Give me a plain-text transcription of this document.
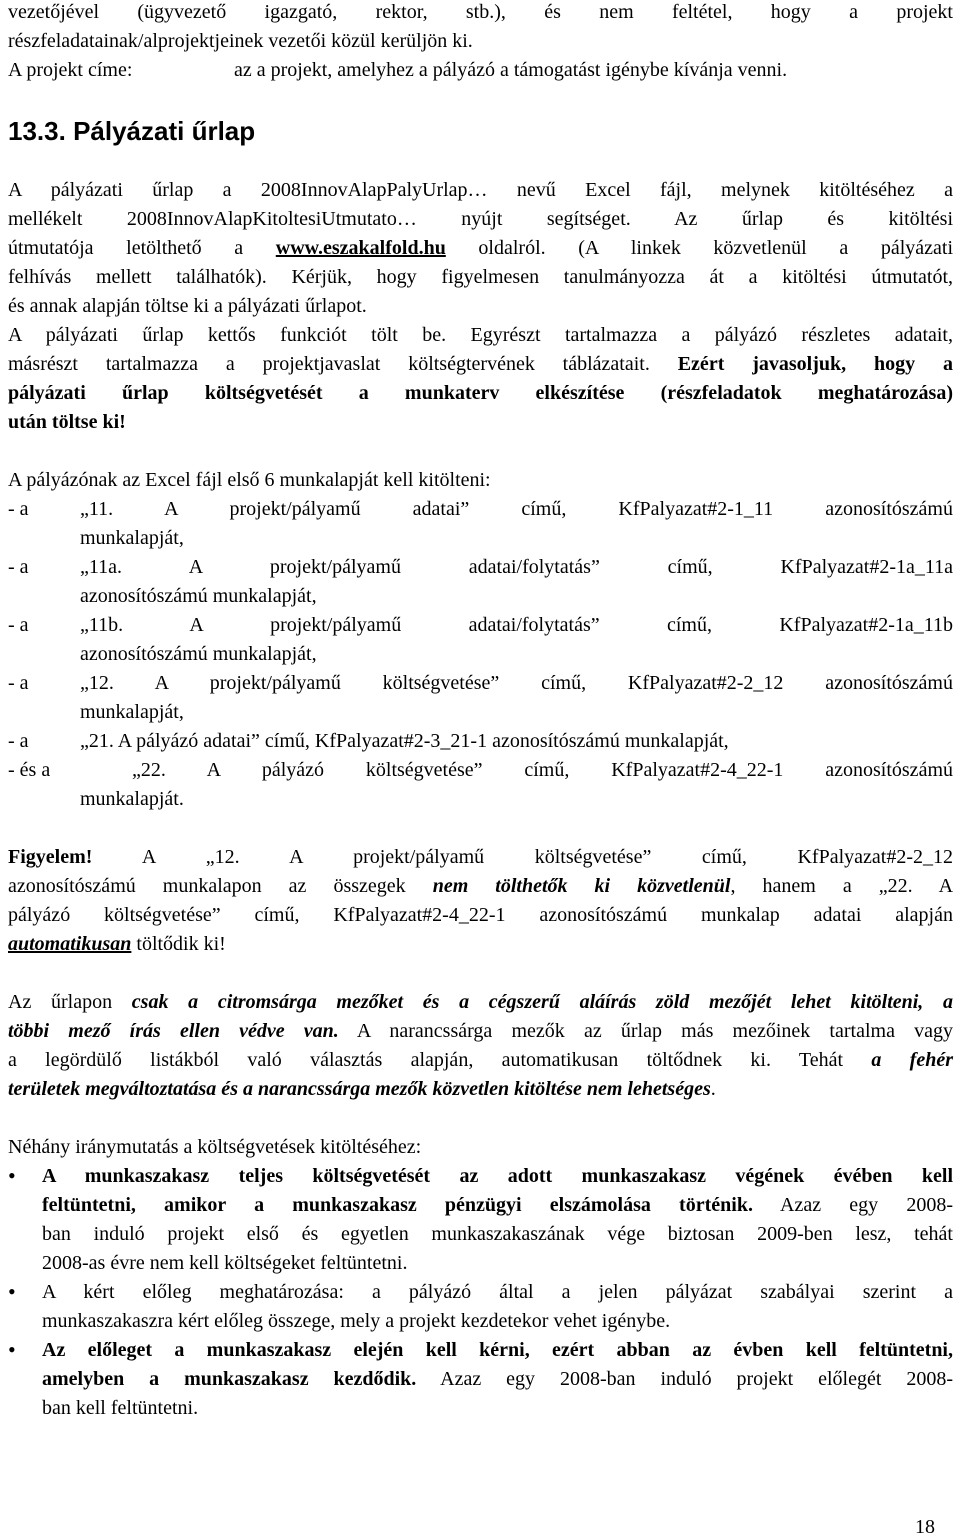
vezetőjével (ügyvezető igazgató, rektor, stb.), és nem feltétel, hogy a projekt
részfeladatainak/alprojektjeinek vezetői közül kerüljön ki.
A projekt címe:	az a projekt, amelyhez a pályázó a támogatást igénybe kívánja venni.
13.3. Pályázati űrlap
A pályázati űrlap a 2008InnovAlapPalyUrlap… nevű Excel fájl, melynek kitöltéséhez a
mellékelt 2008InnovAlapKitoltesiUtmutato… nyújt segítséget. Az űrlap és kitöltési
útmutatója letölthető a www.eszakalfold.hu oldalról. (A linkek közvetlenül a pályázati
felhívás mellett találhatók). Kérjük, hogy figyelmesen tanulmányozza át a kitöltési útmutatót,
és annak alapján töltse ki a pályázati űrlapot.
A pályázati űrlap kettős funkciót tölt be. Egyrészt tartalmazza a pályázó részletes adatait,
másrészt tartalmazza a projektjavaslat költségtervének táblázatait. Ezért javasoljuk, hogy a
pályázati űrlap költségvetését a munkaterv elkészítése (részfeladatok meghatározása)
után töltse ki!
A pályázónak az Excel fájl első 6 munkalapját kell kitölteni:
- a	„11. A projekt/pályamű adatai” című, KfPalyazat#2-1_11 azonosítószámú
munkalapját,
- a	„11a. A projekt/pályamű adatai/folytatás” című, KfPalyazat#2-1a_11a
azonosítószámú munkalapját,
- a	„11b. A projekt/pályamű adatai/folytatás” című, KfPalyazat#2-1a_11b
azonosítószámú munkalapját,
- a	„12. A projekt/pályamű költségvetése” című, KfPalyazat#2-2_12 azonosítószámú
munkalapját,
- a	„21. A pályázó adatai” című, KfPalyazat#2-3_21-1 azonosítószámú munkalapját,
- és a	„22. A pályázó költségvetése” című, KfPalyazat#2-4_22-1 azonosítószámú
munkalapját.
Figyelem! A „12. A projekt/pályamű költségvetése” című, KfPalyazat#2-2_12
azonosítószámú munkalapon az összegek nem tölthetők ki közvetlenül, hanem a „22. A
pályázó költségvetése” című, KfPalyazat#2-4_22-1 azonosítószámú munkalap adatai alapján
automatikusan töltődik ki!
Az űrlapon csak a citromsárga mezőket és a cégszerű aláírás zöld mezőjét lehet kitölteni, a
többi mező írás ellen védve van. A narancssárga mezők az űrlap más mezőinek tartalma vagy
a legördülő listákból való választás alapján, automatikusan töltődnek ki. Tehát a fehér
területek megváltoztatása és a narancssárga mezők közvetlen kitöltése nem lehetséges.
Néhány iránymutatás a költségvetések kitöltéséhez:
• A munkaszakasz teljes költségvetését az adott munkaszakasz végének évében kell
feltüntetni, amikor a munkaszakasz pénzügyi elszámolása történik. Azaz egy 2008-
ban induló projekt első és egyetlen munkaszakaszának vége biztosan 2009-ben lesz, tehát
2008-as évre nem kell költségeket feltüntetni.
• A kért előleg meghatározása: a pályázó által a jelen pályázat szabályai szerint a
munkaszakaszra kért előleg összege, mely a projekt kezdetekor vehet igénybe.
• Az előleget a munkaszakasz elején kell kérni, ezért abban az évben kell feltüntetni,
amelyben a munkaszakasz kezdődik. Azaz egy 2008-ban induló projekt előlegét 2008-
ban kell feltüntetni.
18
